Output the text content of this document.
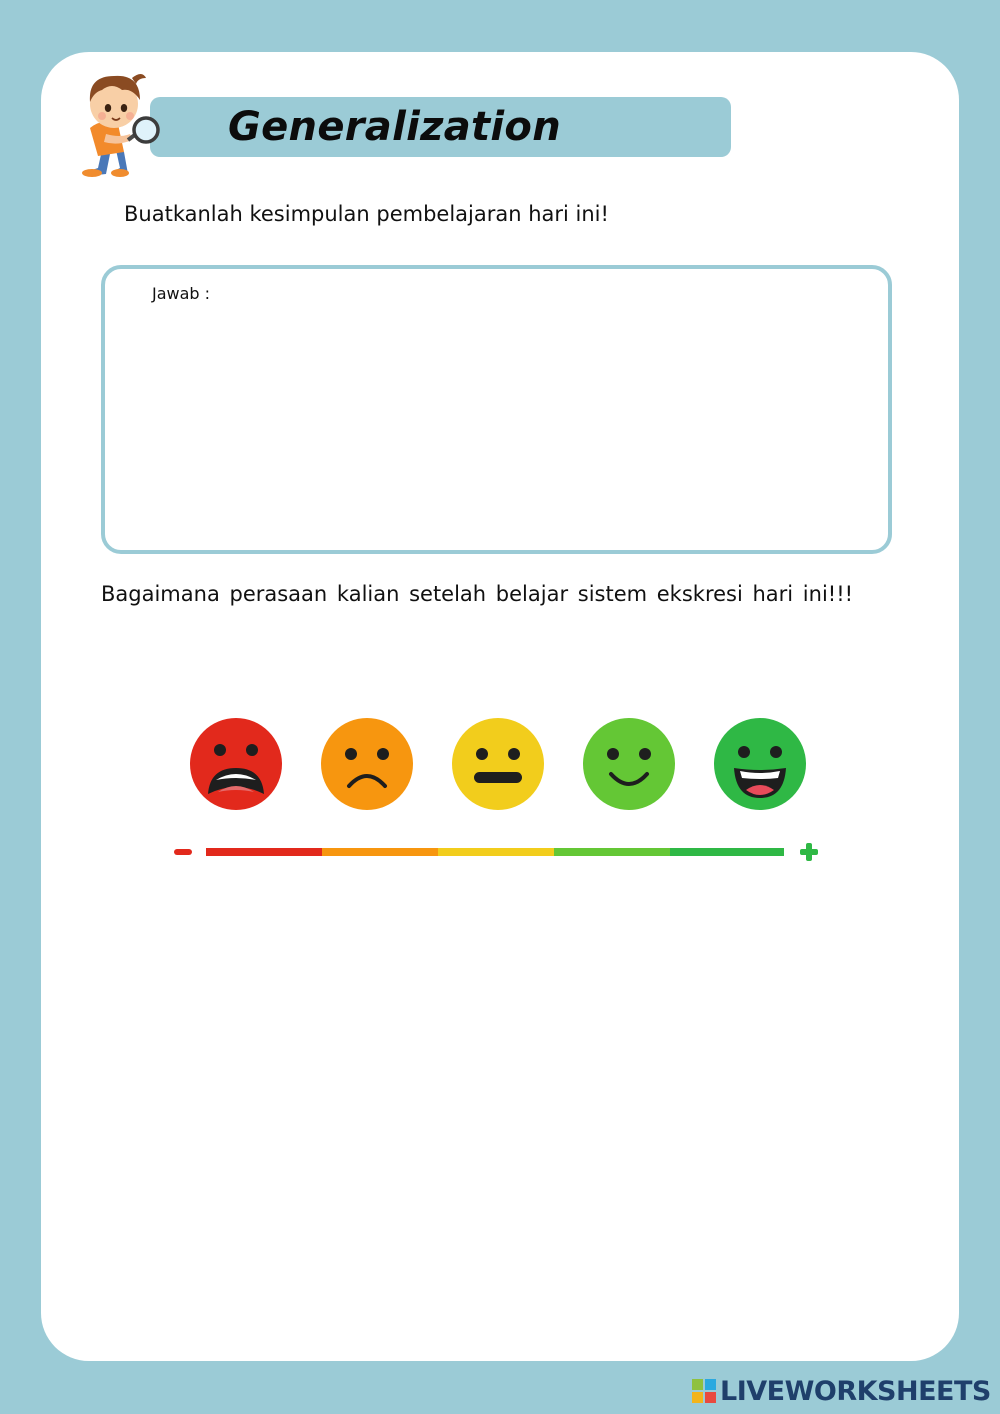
Generalization
Buatkanlah kesimpulan pembelajaran hari ini!
Jawab :
Bagaimana perasaan kalian setelah belajar sistem ekskresi hari ini!!!
LIVEWORKSHEETS
